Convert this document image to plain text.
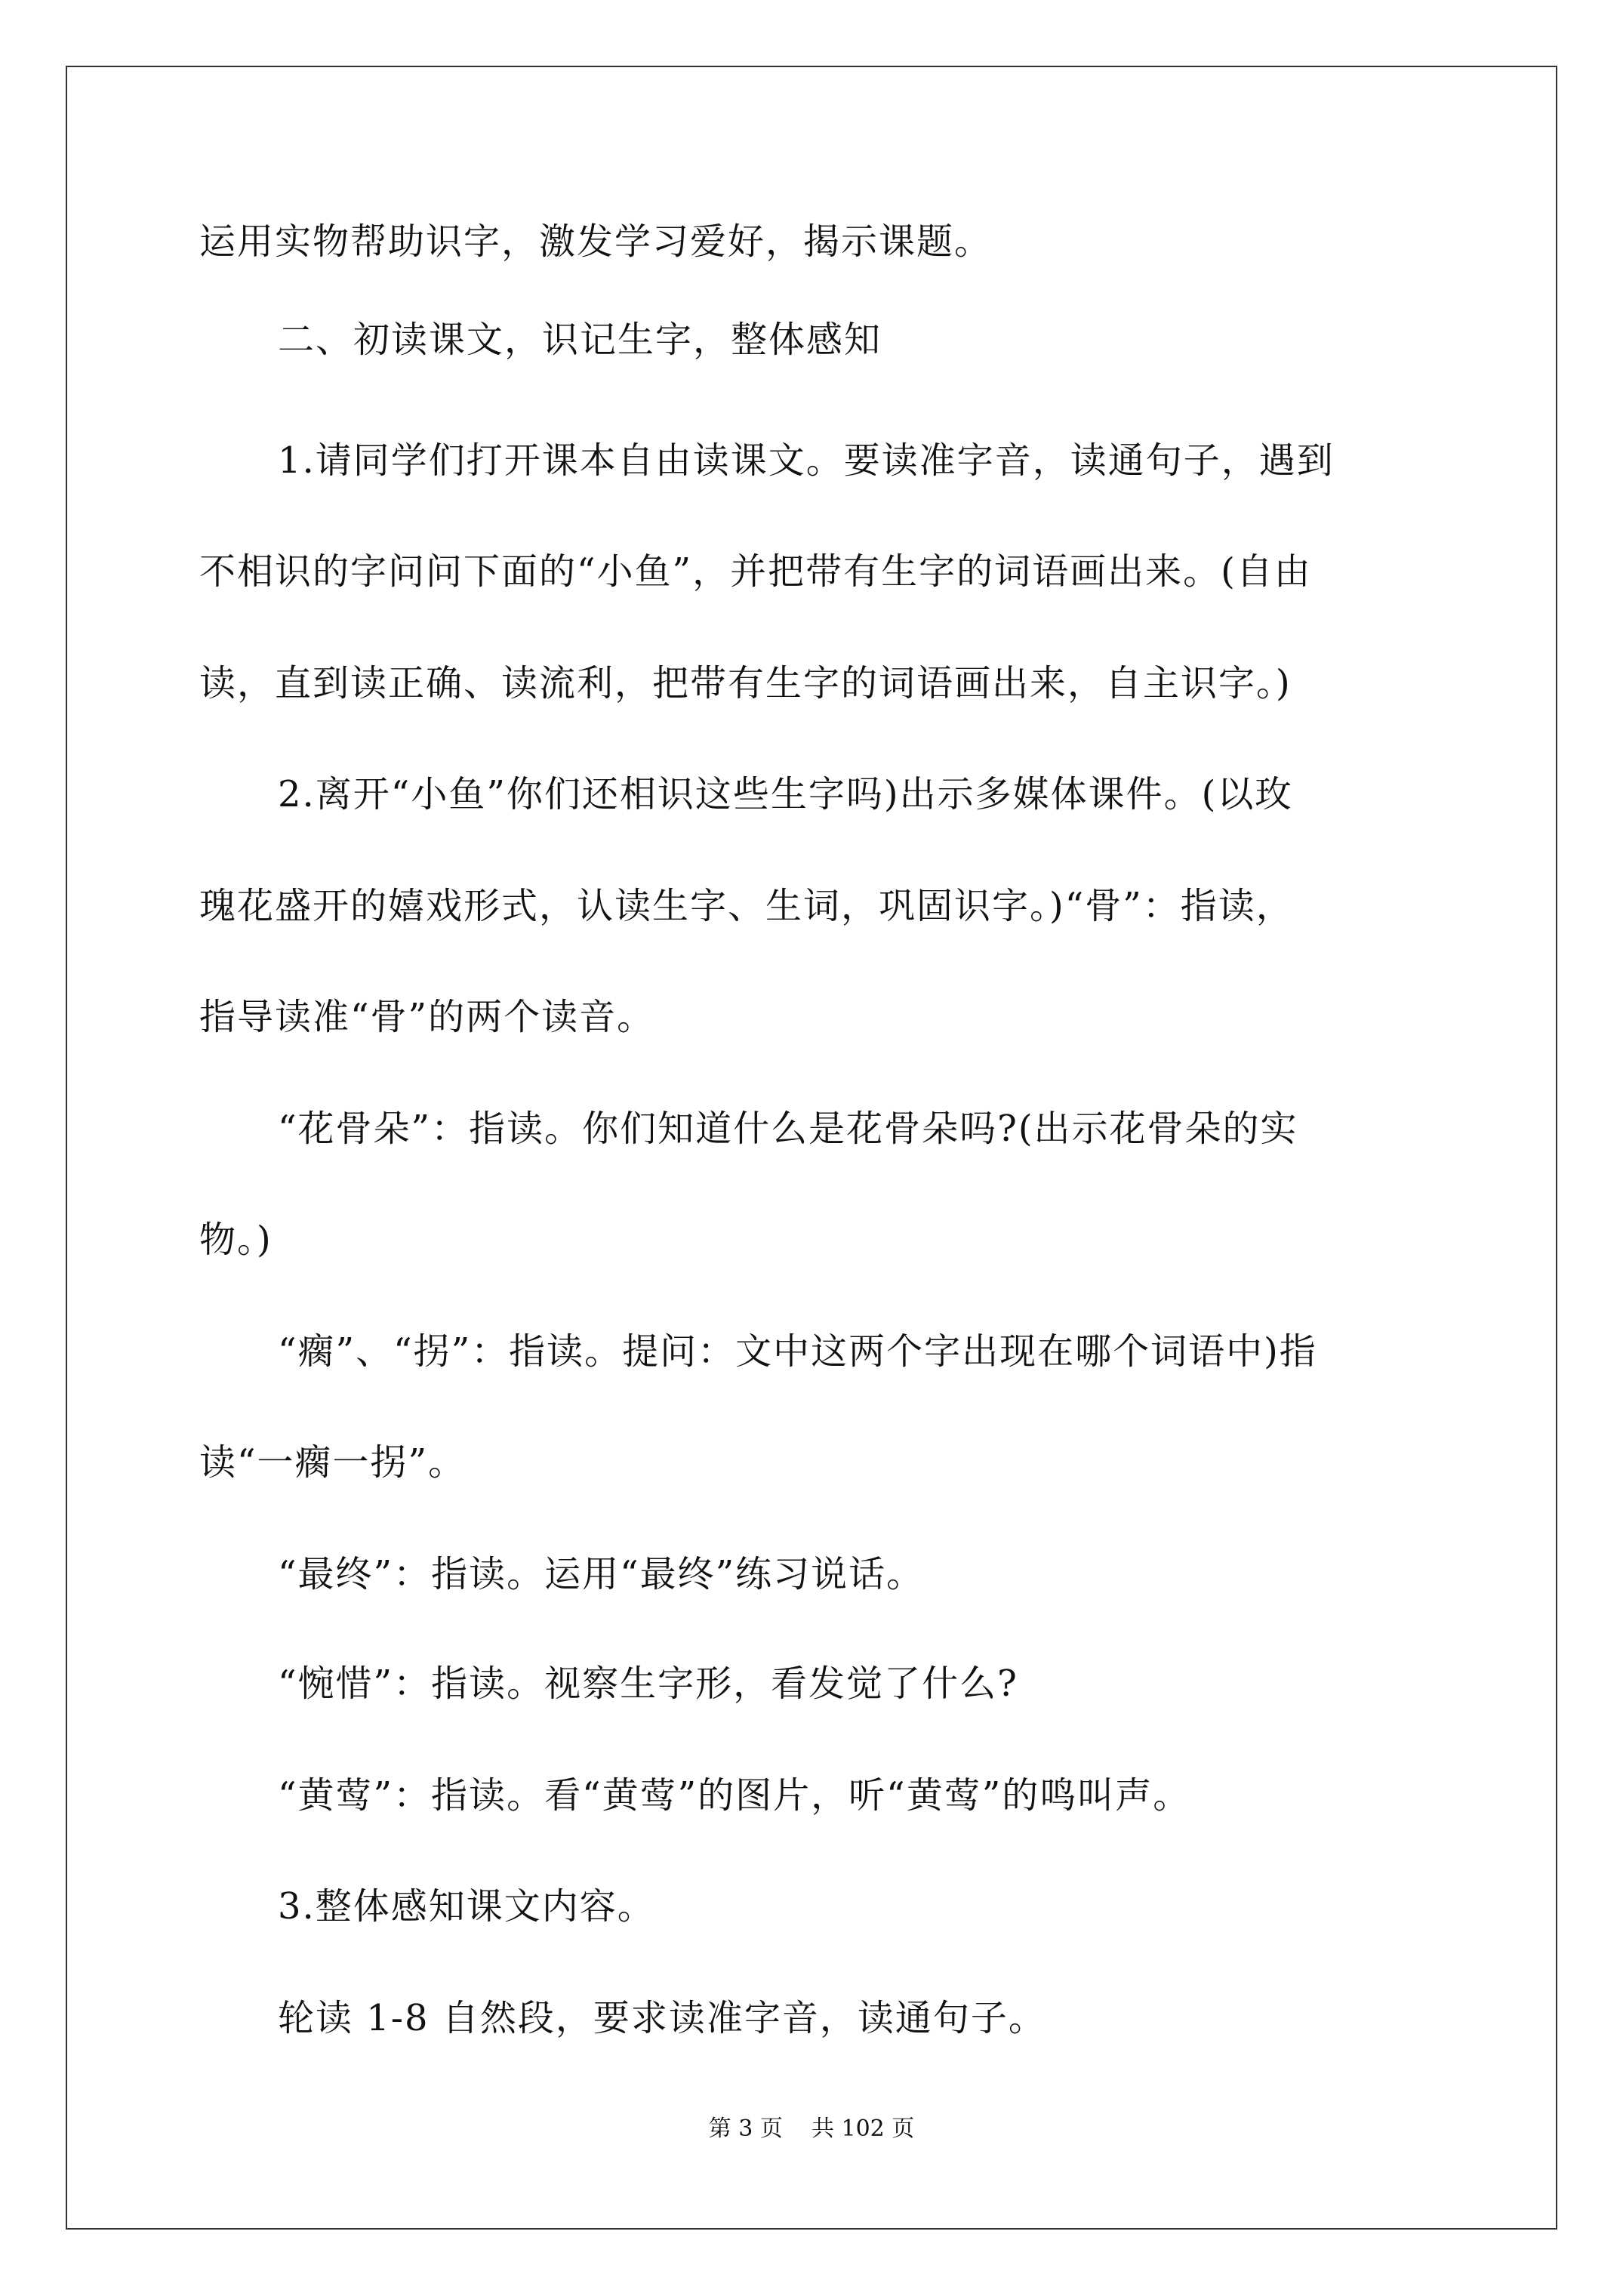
运用实物帮助识字，激发学习爱好，揭示课题。
二、初读课文，识记生字，整体感知
1.请同学们打开课本自由读课文。要读准字音，读通句子，遇到
不相识的字问问下面的“小鱼”，并把带有生字的词语画出来。(自由
读，直到读正确、读流利，把带有生字的词语画出来，自主识字。)
2.离开“小鱼”你们还相识这些生字吗)出示多媒体课件。(以玫
瑰花盛开的嬉戏形式，认读生字、生词，巩固识字。)“骨”：指读，
指导读准“骨”的两个读音。
“花骨朵”：指读。你们知道什么是花骨朵吗?(出示花骨朵的实
物。)
“瘸”、“拐”：指读。提问：文中这两个字出现在哪个词语中)指
读“一瘸一拐”。
“最终”：指读。运用“最终”练习说话。
“惋惜”：指读。视察生字形，看发觉了什么?
“黄莺”：指读。看“黄莺”的图片，听“黄莺”的鸣叫声。
3.整体感知课文内容。
轮读 1-8 自然段，要求读准字音，读通句子。
第 3 页    共 102 页
